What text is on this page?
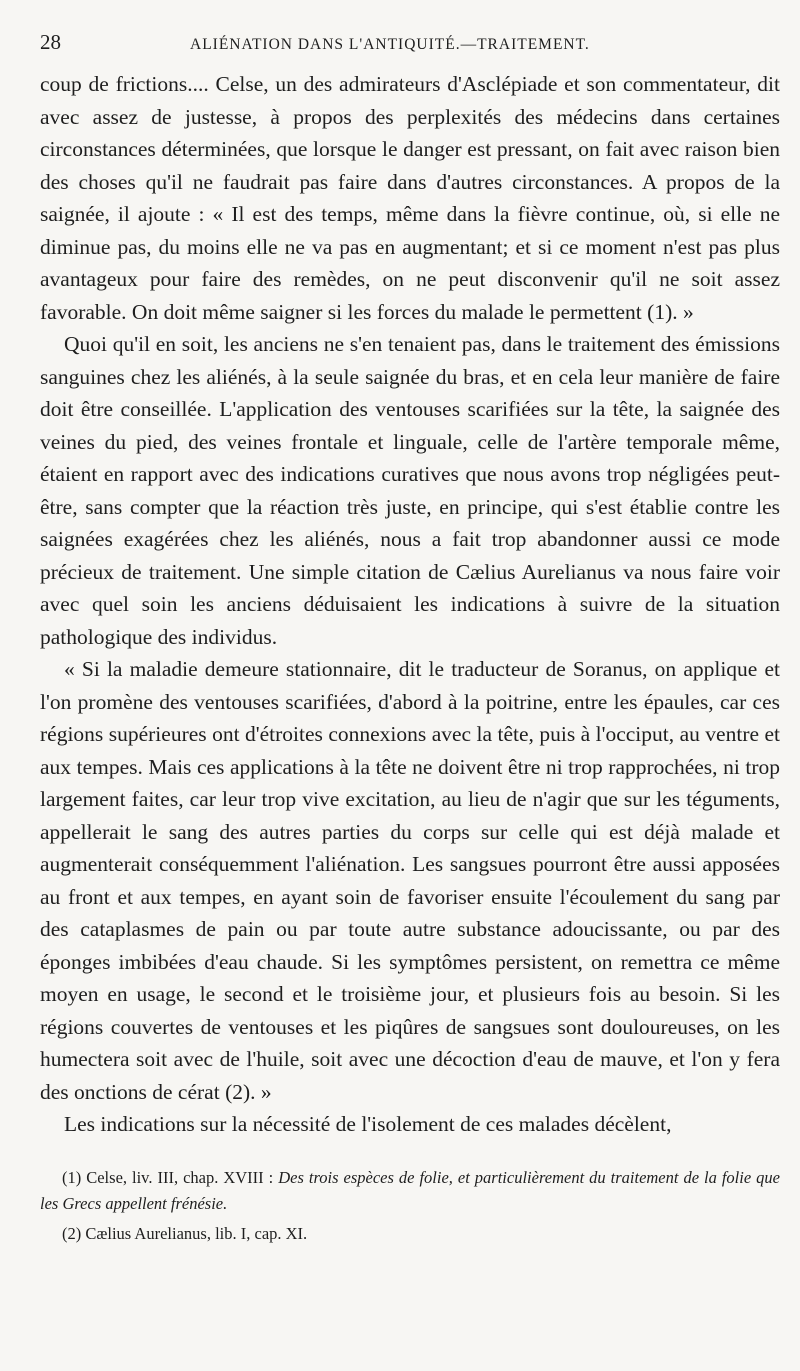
28	ALIÉNATION DANS L'ANTIQUITÉ.—TRAITEMENT.

coup de frictions.... Celse, un des admirateurs d'Asclépiade et son commentateur, dit avec assez de justesse, à propos des perplexités des médecins dans certaines circonstances déterminées, que lorsque le danger est pressant, on fait avec raison bien des choses qu'il ne faudrait pas faire dans d'autres circonstances. A propos de la saignée, il ajoute : « Il est des temps, même dans la fièvre continue, où, si elle ne diminue pas, du moins elle ne va pas en augmentant; et si ce moment n'est pas plus avantageux pour faire des remèdes, on ne peut disconvenir qu'il ne soit assez favorable. On doit même saigner si les forces du malade le permettent (1). »

Quoi qu'il en soit, les anciens ne s'en tenaient pas, dans le traitement des émissions sanguines chez les aliénés, à la seule saignée du bras, et en cela leur manière de faire doit être conseillée. L'application des ventouses scarifiées sur la tête, la saignée des veines du pied, des veines frontale et linguale, celle de l'artère temporale même, étaient en rapport avec des indications curatives que nous avons trop négligées peut-être, sans compter que la réaction très juste, en principe, qui s'est établie contre les saignées exagérées chez les aliénés, nous a fait trop abandonner aussi ce mode précieux de traitement. Une simple citation de Cælius Aurelianus va nous faire voir avec quel soin les anciens déduisaient les indications à suivre de la situation pathologique des individus.

« Si la maladie demeure stationnaire, dit le traducteur de Soranus, on applique et l'on promène des ventouses scarifiées, d'abord à la poitrine, entre les épaules, car ces régions supérieures ont d'étroites connexions avec la tête, puis à l'occiput, au ventre et aux tempes. Mais ces applications à la tête ne doivent être ni trop rapprochées, ni trop largement faites, car leur trop vive excitation, au lieu de n'agir que sur les téguments, appellerait le sang des autres parties du corps sur celle qui est déjà malade et augmenterait conséquemment l'aliénation. Les sangsues pourront être aussi apposées au front et aux tempes, en ayant soin de favoriser ensuite l'écoulement du sang par des cataplasmes de pain ou par toute autre substance adoucissante, ou par des éponges imbibées d'eau chaude. Si les symptômes persistent, on remettra ce même moyen en usage, le second et le troisième jour, et plusieurs fois au besoin. Si les régions couvertes de ventouses et les piqûres de sangsues sont douloureuses, on les humectera soit avec de l'huile, soit avec une décoction d'eau de mauve, et l'on y fera des onctions de cérat (2). »

Les indications sur la nécessité de l'isolement de ces malades décèlent,

(1) Celse, liv. III, chap. XVIII : Des trois espèces de folie, et particulièrement du traitement de la folie que les Grecs appellent frénésie.

(2) Cælius Aurelianus, lib. I, cap. XI.
